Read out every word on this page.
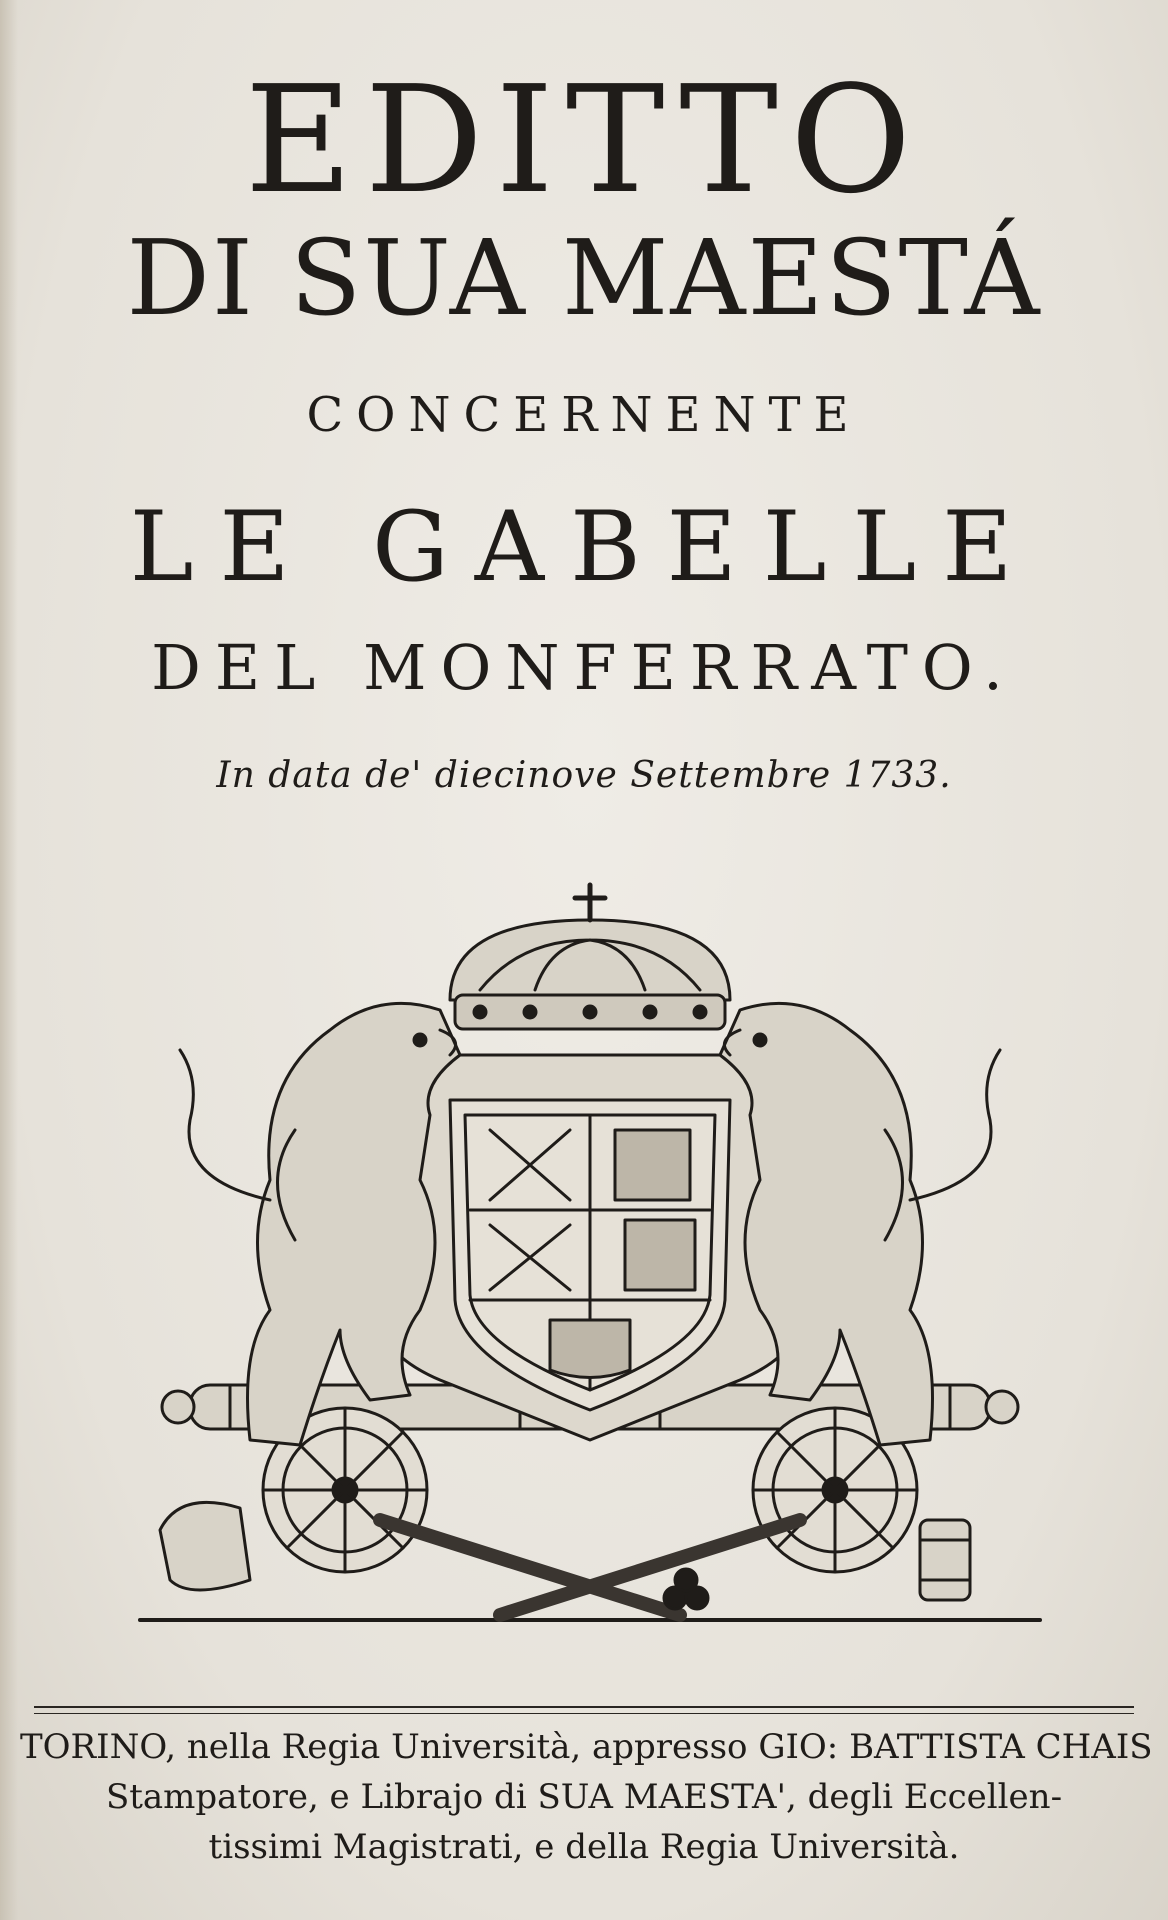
EDITTO
DI SUA MAESTÁ
CONCERNENTE
LE GABELLE
DEL MONFERRATO.
In data de' diecinove Settembre 1733.
TORINO, nella Regia Università, appresso GIO: BATTISTA CHAIS
Stampatore, e Librajo di SUA MAESTA', degli Eccellen-
tissimi Magistrati, e della Regia Università.
